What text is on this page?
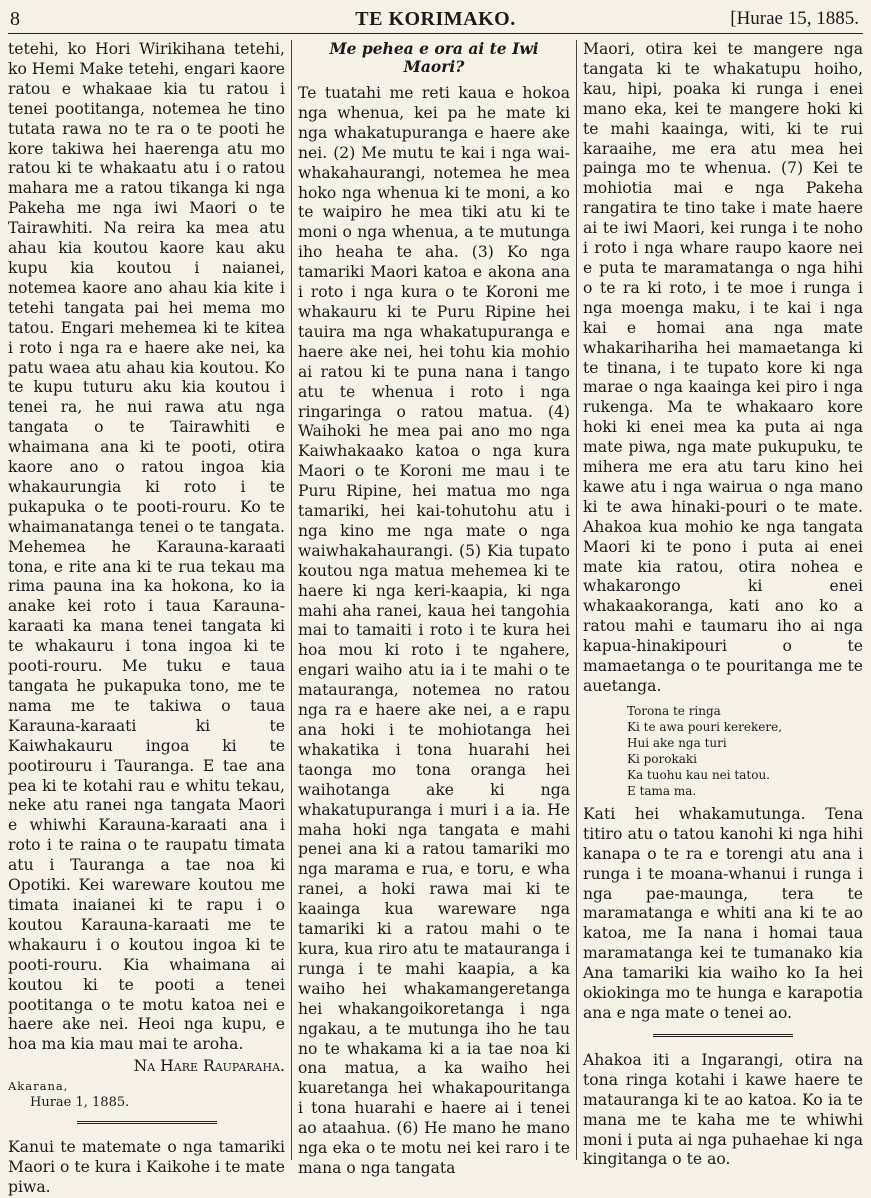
8	TE KORIMAKO.	[Hurae 15, 1885.

tetehi, ko Hori Wirikihana tetehi, ko Hemi Make tetehi, engari kaore ratou e whakaae kia tu ratou i tenei pootitanga, notemea he tino tutata rawa no te ra o te pooti he kore takiwa hei haerenga atu mo ratou ki te whakaatu atu i o ratou mahara me a ratou tikanga ki nga Pakeha me nga iwi Maori o te Tairawhiti. Na reira ka mea atu ahau kia koutou kaore kau aku kupu kia koutou i naianei, notemea kaore ano ahau kia kite i tetehi tangata pai hei mema mo tatou. Engari mehemea ki te kitea i roto i nga ra e haere ake nei, ka patu waea atu ahau kia koutou. Ko te kupu tuturu aku kia koutou i tenei ra, he nui rawa atu nga tangata o te Tairawhiti e whaimana ana ki te pooti, otira kaore ano o ratou ingoa kia whakaurungia ki roto i te pukapuka o te pooti-rouru. Ko te whaimanatanga tenei o te tangata. Mehemea he Karauna-karaati tona, e rite ana ki te rua tekau ma rima pauna ina ka hokona, ko ia anake kei roto i taua Karauna-karaati ka mana tenei tangata ki te whakauru i tona ingoa ki te pooti-rouru. Me tuku e taua tangata he pukapuka tono, me te nama me te takiwa o taua Karauna-karaati ki te Kaiwhakauru ingoa ki te pootirouru i Tauranga. E tae ana pea ki te kotahi rau e whitu tekau, neke atu ranei nga tangata Maori e whiwhi Karauna-karaati ana i roto i te raina o te raupatu timata atu i Tauranga a tae noa ki Opotiki. Kei wareware koutou me timata inaianei ki te rapu i o koutou Karauna-karaati me te whakauru i o koutou ingoa ki te pooti-rouru. Kia whaimana ai koutou ki te pooti a tenei pootitanga o te motu katoa nei e haere ake nei. Heoi nga kupu, e hoa ma kia mau mai te aroha.

Na Hare Rauparaha.

Akarana,
Hurae 1, 1885.

Kanui te matemate o nga tamariki Maori o te kura i Kaikohe i te mate piwa.

Me pehea e ora ai te Iwi Maori?

Te tuatahi me reti kaua e hokoa nga whenua, kei pa he mate ki nga whakatupuranga e haere ake nei. (2) Me mutu te kai i nga wai-whakahaurangi, notemea he mea hoko nga whenua ki te moni, a ko te waipiro he mea tiki atu ki te moni o nga whenua, a te mutunga iho heaha te aha. (3) Ko nga tamariki Maori katoa e akona ana i roto i nga kura o te Koroni me whakauru ki te Puru Ripine hei tauira ma nga whakatupuranga e haere ake nei, hei tohu kia mohio ai ratou ki te puna nana i tango atu te whenua i roto i nga ringaringa o ratou matua. (4) Waihoki he mea pai ano mo nga Kaiwhakaako katoa o nga kura Maori o te Koroni me mau i te Puru Ripine, hei matua mo nga tamariki, hei kai-tohutohu atu i nga kino me nga mate o nga waiwhakahaurangi. (5) Kia tupato koutou nga matua mehemea ki te haere ki nga keri-kaapia, ki nga mahi aha ranei, kaua hei tangohia mai to tamaiti i roto i te kura hei hoa mou ki roto i te ngahere, engari waiho atu ia i te mahi o te matauranga, notemea no ratou nga ra e haere ake nei, a e rapu ana hoki i te mohiotanga hei whakatika i tona huarahi hei taonga mo tona oranga hei waihotanga ake ki nga whakatupuranga i muri i a ia. He maha hoki nga tangata e mahi penei ana ki a ratou tamariki mo nga marama e rua, e toru, e wha ranei, a hoki rawa mai ki te kaainga kua wareware nga tamariki ki a ratou mahi o te kura, kua riro atu te matauranga i runga i te mahi kaapia, a ka waiho hei whakamangeretanga hei whakangoikoretanga i nga ngakau, a te mutunga iho he tau no te whakama ki a ia tae noa ki ona matua, a ka waiho hei kuaretanga hei whakapouritanga i tona huarahi e haere ai i tenei ao ataahua. (6) He mano he mano nga eka o te motu nei kei raro i te mana o nga tangata

Maori, otira kei te mangere nga tangata ki te whakatupu hoiho, kau, hipi, poaka ki runga i enei mano eka, kei te mangere hoki ki te mahi kaainga, witi, ki te rui karaaihe, me era atu mea hei painga mo te whenua. (7) Kei te mohiotia mai e nga Pakeha rangatira te tino take i mate haere ai te iwi Maori, kei runga i te noho i roto i nga whare raupo kaore nei e puta te maramatanga o nga hihi o te ra ki roto, i te moe i runga i nga moenga maku, i te kai i nga kai e homai ana nga mate whakarihariha hei mamaetanga ki te tinana, i te tupato kore ki nga marae o nga kaainga kei piro i nga rukenga. Ma te whakaaro kore hoki ki enei mea ka puta ai nga mate piwa, nga mate pukupuku, te mihera me era atu taru kino hei kawe atu i nga wairua o nga mano ki te awa hinaki-pouri o te mate. Ahakoa kua mohio ke nga tangata Maori ki te pono i puta ai enei mate kia ratou, otira nohea e whakarongo ki enei whakaakoranga, kati ano ko a ratou mahi e taumaru iho ai nga kapua-hinakipouri o te mamaetanga o te pouritanga me te auetanga.

Torona te ringa
Ki te awa pouri kerekere,
Hui ake nga turi
Ki porokaki
Ka tuohu kau nei tatou.
E tama ma.

Kati hei whakamutunga. Tena titiro atu o tatou kanohi ki nga hihi kanapa o te ra e torengi atu ana i runga i te moana-whanui i runga i nga pae-maunga, tera te maramatanga e whiti ana ki te ao katoa, me Ia nana i homai taua maramatanga kei te tumanako kia Ana tamariki kia waiho ko Ia hei okiokinga mo te hunga e karapotia ana e nga mate o tenei ao.

Ahakoa iti a Ingarangi, otira na tona ringa kotahi i kawe haere te matauranga ki te ao katoa. Ko ia te mana me te kaha me te whiwhi moni i puta ai nga puhaehae ki nga kingitanga o te ao.
